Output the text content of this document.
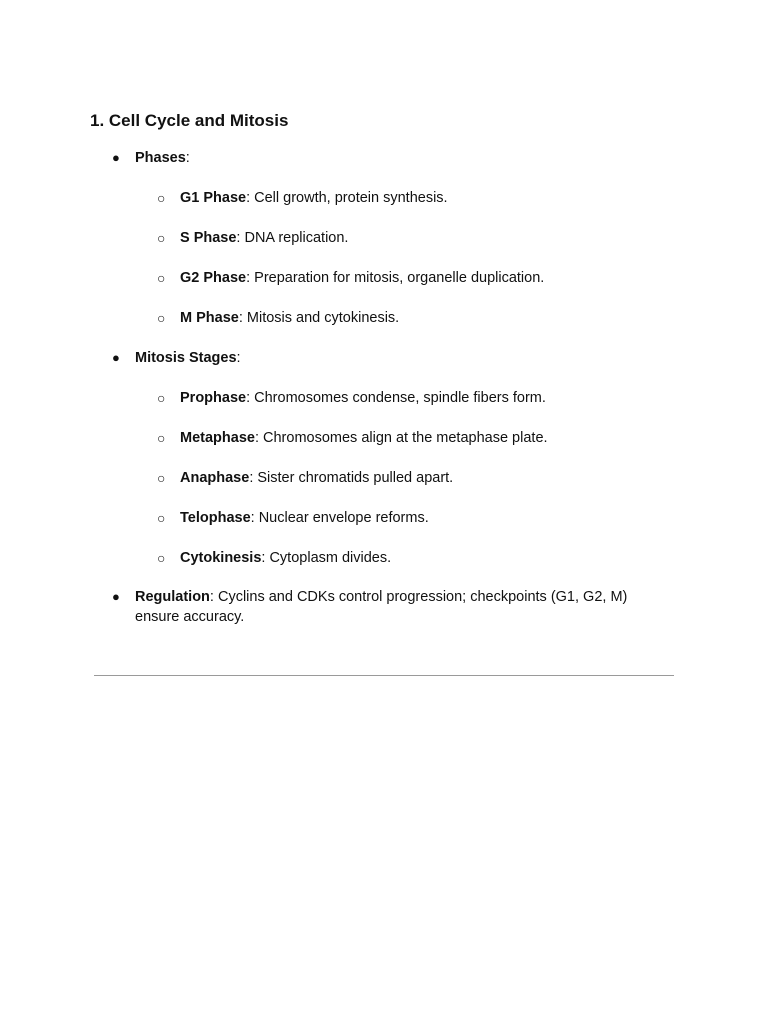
1. Cell Cycle and Mitosis
● Phases:
○ G1 Phase: Cell growth, protein synthesis.
○ S Phase: DNA replication.
○ G2 Phase: Preparation for mitosis, organelle duplication.
○ M Phase: Mitosis and cytokinesis.
● Mitosis Stages:
○ Prophase: Chromosomes condense, spindle fibers form.
○ Metaphase: Chromosomes align at the metaphase plate.
○ Anaphase: Sister chromatids pulled apart.
○ Telophase: Nuclear envelope reforms.
○ Cytokinesis: Cytoplasm divides.
● Regulation: Cyclins and CDKs control progression; checkpoints (G1, G2, M) ensure accuracy.
